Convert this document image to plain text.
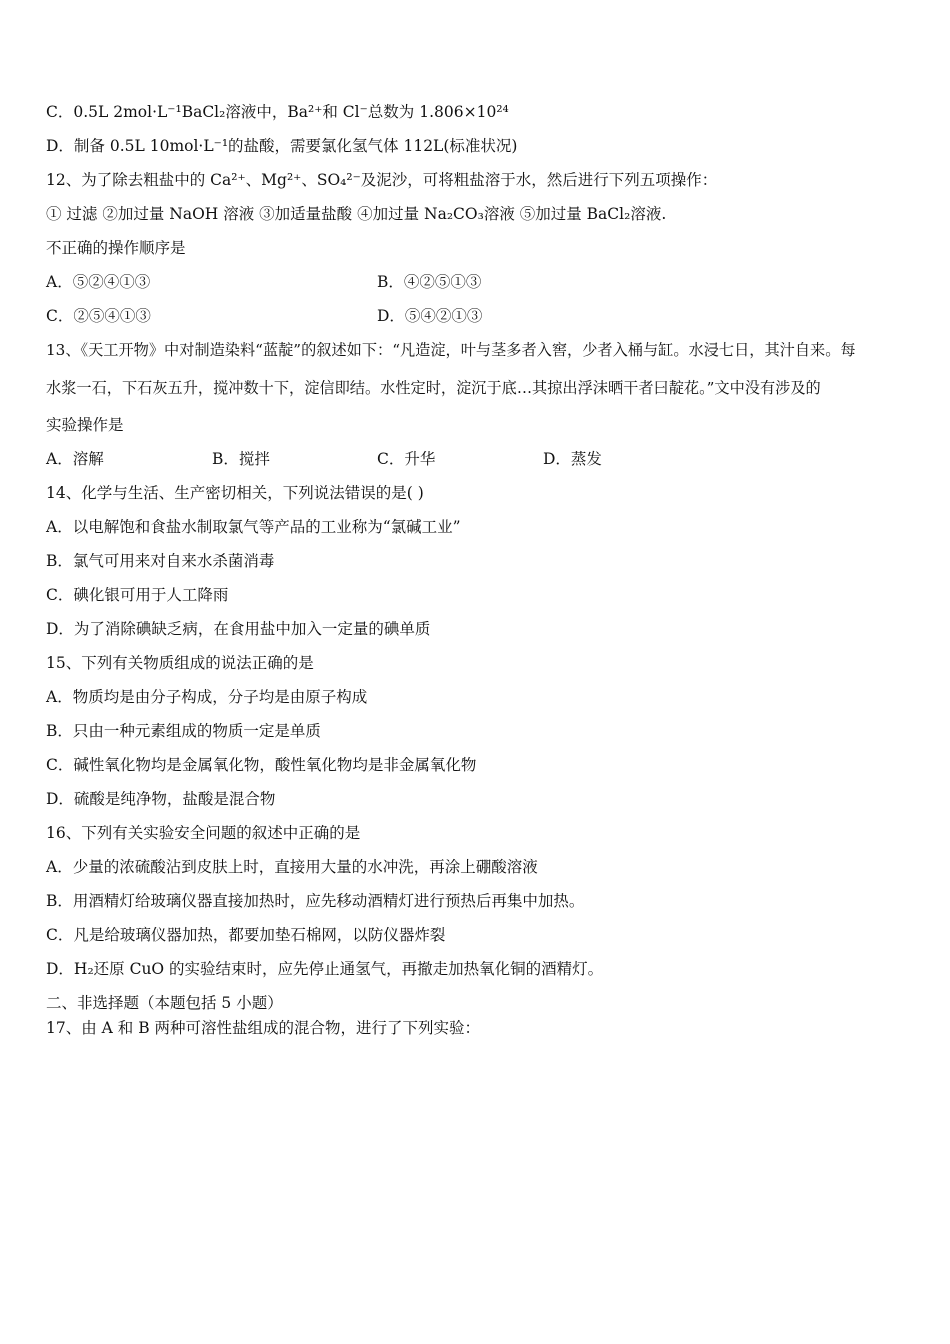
C．0.5L 2mol·L⁻¹BaCl₂溶液中，Ba²⁺和 Cl⁻总数为 1.806×10²⁴
D．制备 0.5L 10mol·L⁻¹的盐酸，需要氯化氢气体 112L(标准状况)
12、为了除去粗盐中的 Ca²⁺、Mg²⁺、SO₄²⁻及泥沙，可将粗盐溶于水，然后进行下列五项操作：
① 过滤 ②加过量 NaOH 溶液 ③加适量盐酸 ④加过量 Na₂CO₃溶液 ⑤加过量 BaCl₂溶液.
不正确的操作顺序是
A．⑤②④①③	B．④②⑤①③
C．②⑤④①③	D．⑤④②①③
13、《天工开物》中对制造染料“蓝靛”的叙述如下：“凡造淀，叶与茎多者入窖，少者入桶与缸。水浸七日，其汁自来。每
水浆一石，下石灰五升，搅冲数十下，淀信即结。水性定时，淀沉于底…其掠出浮沫晒干者曰靛花。”文中没有涉及的
实验操作是
A．溶解	B．搅拌	C．升华	D．蒸发
14、化学与生活、生产密切相关，下列说法错误的是( )
A．以电解饱和食盐水制取氯气等产品的工业称为“氯碱工业”
B．氯气可用来对自来水杀菌消毒
C．碘化银可用于人工降雨
D．为了消除碘缺乏病，在食用盐中加入一定量的碘单质
15、下列有关物质组成的说法正确的是
A．物质均是由分子构成，分子均是由原子构成
B．只由一种元素组成的物质一定是单质
C．碱性氧化物均是金属氧化物，酸性氧化物均是非金属氧化物
D．硫酸是纯净物，盐酸是混合物
16、下列有关实验安全问题的叙述中正确的是
A．少量的浓硫酸沾到皮肤上时，直接用大量的水冲洗，再涂上硼酸溶液
B．用酒精灯给玻璃仪器直接加热时，应先移动酒精灯进行预热后再集中加热。
C．凡是给玻璃仪器加热，都要加垫石棉网，以防仪器炸裂
D．H₂还原 CuO 的实验结束时，应先停止通氢气，再撤走加热氧化铜的酒精灯。
二、非选择题（本题包括 5 小题）
17、由 A 和 B 两种可溶性盐组成的混合物，进行了下列实验：
